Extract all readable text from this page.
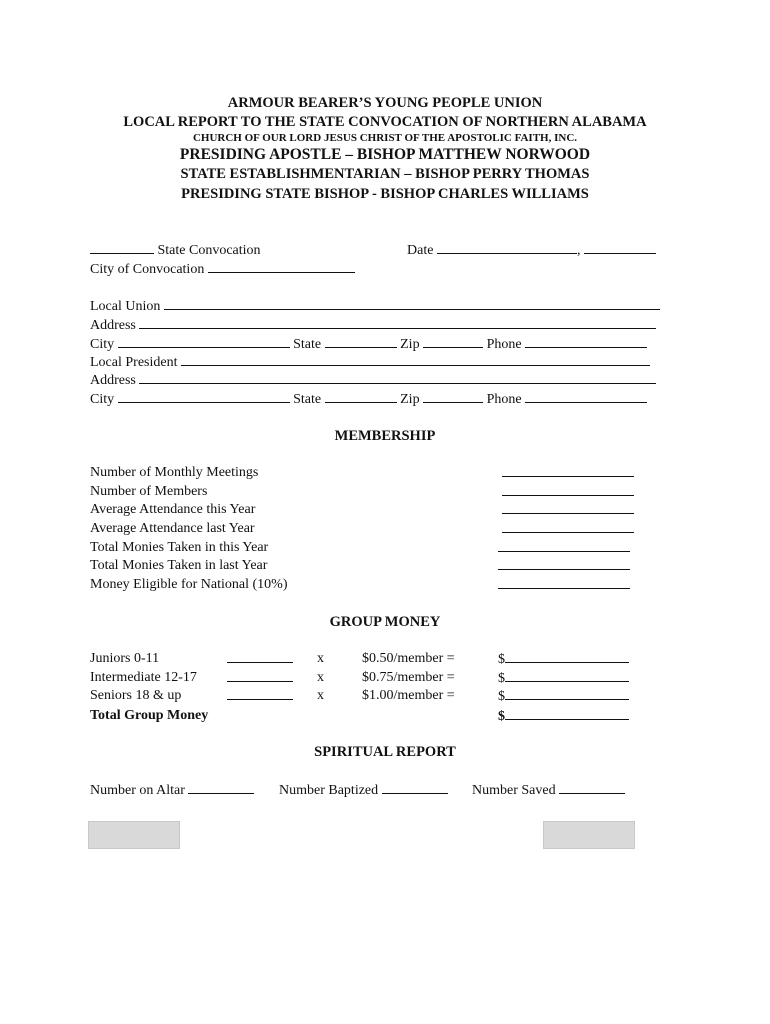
ARMOUR BEARER’S YOUNG PEOPLE UNION
LOCAL REPORT TO THE STATE CONVOCATION OF NORTHERN ALABAMA
CHURCH OF OUR LORD JESUS CHRIST OF THE APOSTOLIC FAITH, INC.
PRESIDING APOSTLE – BISHOP MATTHEW NORWOOD
STATE ESTABLISHMENTARIAN – BISHOP PERRY THOMAS
PRESIDING STATE BISHOP - BISHOP CHARLES WILLIAMS
State Convocation	Date	,
City of Convocation
Local Union
Address
City	State	Zip	Phone
Local President
Address
City	State	Zip	Phone
MEMBERSHIP
Number of Monthly Meetings
Number of Members
Average Attendance this Year
Average Attendance last Year
Total Monies Taken in this Year
Total Monies Taken in last Year
Money Eligible for National (10%)
GROUP MONEY
Juniors 0-11	x	$0.50/member =	$
Intermediate 12-17	x	$0.75/member =	$
Seniors 18 & up	x	$1.00/member =	$
Total Group Money	$
SPIRITUAL REPORT
Number on Altar	Number Baptized	Number Saved
